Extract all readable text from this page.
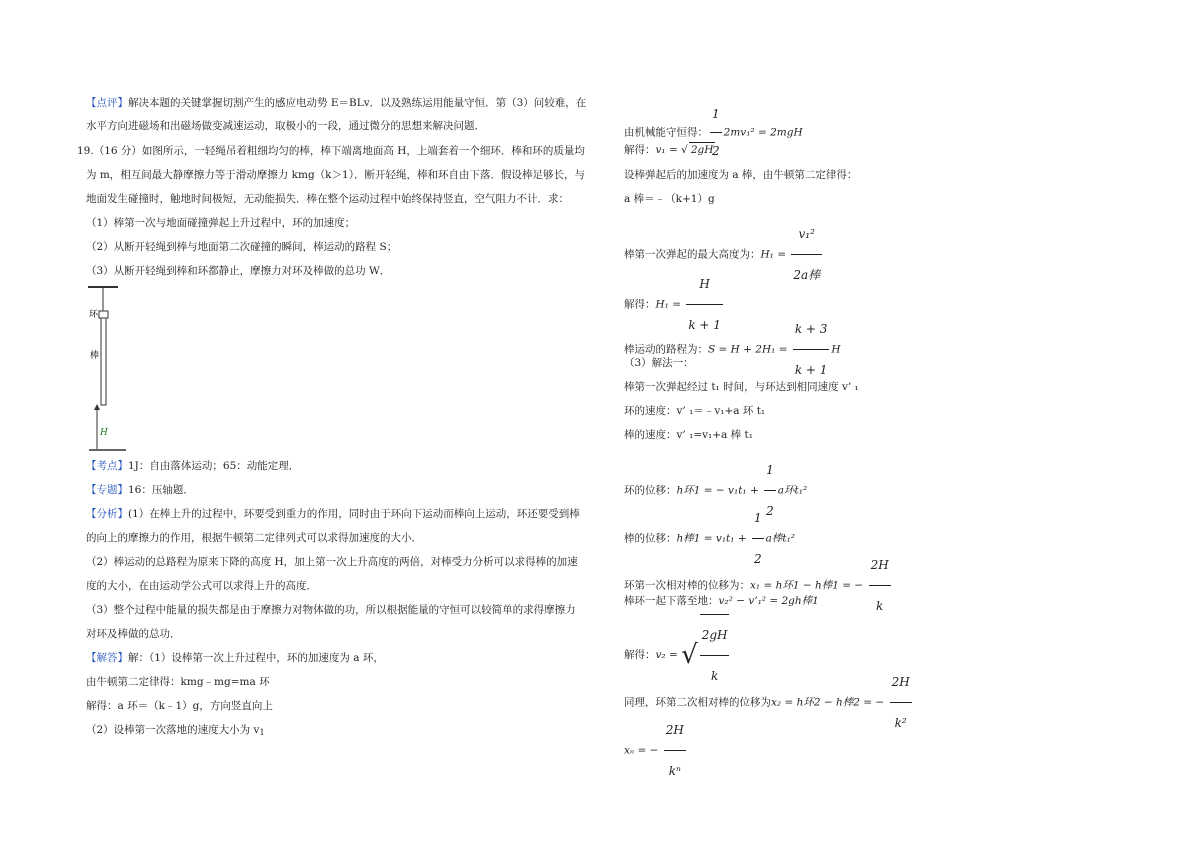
【点评】解决本题的关键掌握切割产生的感应电动势 E＝BLv．以及熟练运用能量守恒．第（3）问较难，在
水平方向进磁场和出磁场做变减速运动，取极小的一段，通过微分的思想来解决问题．
19.（16 分）如图所示，一轻绳吊着粗细均匀的棒，棒下端离地面高 H，上端套着一个细环．棒和环的质量均
为 m，相互间最大静摩擦力等于滑动摩擦力 kmg（k＞1）．断开轻绳，棒和环自由下落．假设棒足够长，与
地面发生碰撞时，触地时间极短，无动能损失．棒在整个运动过程中始终保持竖直，空气阻力不计．求：
（1）棒第一次与地面碰撞弹起上升过程中，环的加速度；
（2）从断开轻绳到棒与地面第二次碰撞的瞬间，棒运动的路程 S；
（3）从断开轻绳到棒和环都静止，摩擦力对环及棒做的总功 W．
环
棒
H
【考点】1J：自由落体运动；65：动能定理．
【专题】16：压轴题．
【分析】(1）在棒上升的过程中，环要受到重力的作用，同时由于环向下运动而棒向上运动，环还要受到棒
的向上的摩擦力的作用，根据牛顿第二定律列式可以求得加速度的大小．
（2）棒运动的总路程为原来下降的高度 H，加上第一次上升高度的两倍，对棒受力分析可以求得棒的加速
度的大小，在由运动学公式可以求得上升的高度．
（3）整个过程中能量的损失都是由于摩擦力对物体做的功，所以根据能量的守恒可以较简单的求得摩擦力
对环及棒做的总功．
【解答】解：（1）设棒第一次上升过程中，环的加速度为 a 环，
由牛顿第二定律得：kmg﹣mg=ma 环
解得：a 环＝（k﹣1）g，方向竖直向上
（2）设棒第一次落地的速度大小为 $v_1$
由机械能守恒得： $\frac{1}{2} 2mv_1^2 = 2mgH$
解得：v₁ = √ 2gH
设棒弹起后的加速度为 a 棒，由牛顿第二定律得：
a 棒＝﹣（k+1）g
棒第一次弹起的最大高度为：$H_1 = \frac{\text{v₁²}}{\text{2a棒}}$
解得：$H_1 = \frac{H}{k + 1}$
棒运动的路程为：$S = H + 2H_1 = \frac{k + 3}{k + 1}$ H
（3）解法一：
棒第一次弹起经过 t₁ 时间，与环达到相同速度 v’ ₁
环的速度：v’ ₁＝﹣v₁+a 环 t₁
棒的速度：v’ ₁=v₁+a 棒 t₁
环的位移：h环1 = − $v_1t_1 + \frac{1}{2}$ a环t₁²
棒的位移：h棒$1 = v_1t_1 + \frac{1}{2}$ a棒t₁²
环第一次相对棒的位移为：x₁ = h环1 − h棒1 = − $\frac{2H}{k}$
棒环一起下落至地：v₂² − v’₁² = 2gh棒1
解得：v₂ = √ $\frac{2gH}{k}$
同理，环第二次相对棒的位移为x₂ = h环2 − h棒2 = − $\frac{2H}{\text{k²}}$
xₙ = − $\frac{2H}{\text{kⁿ}}$
